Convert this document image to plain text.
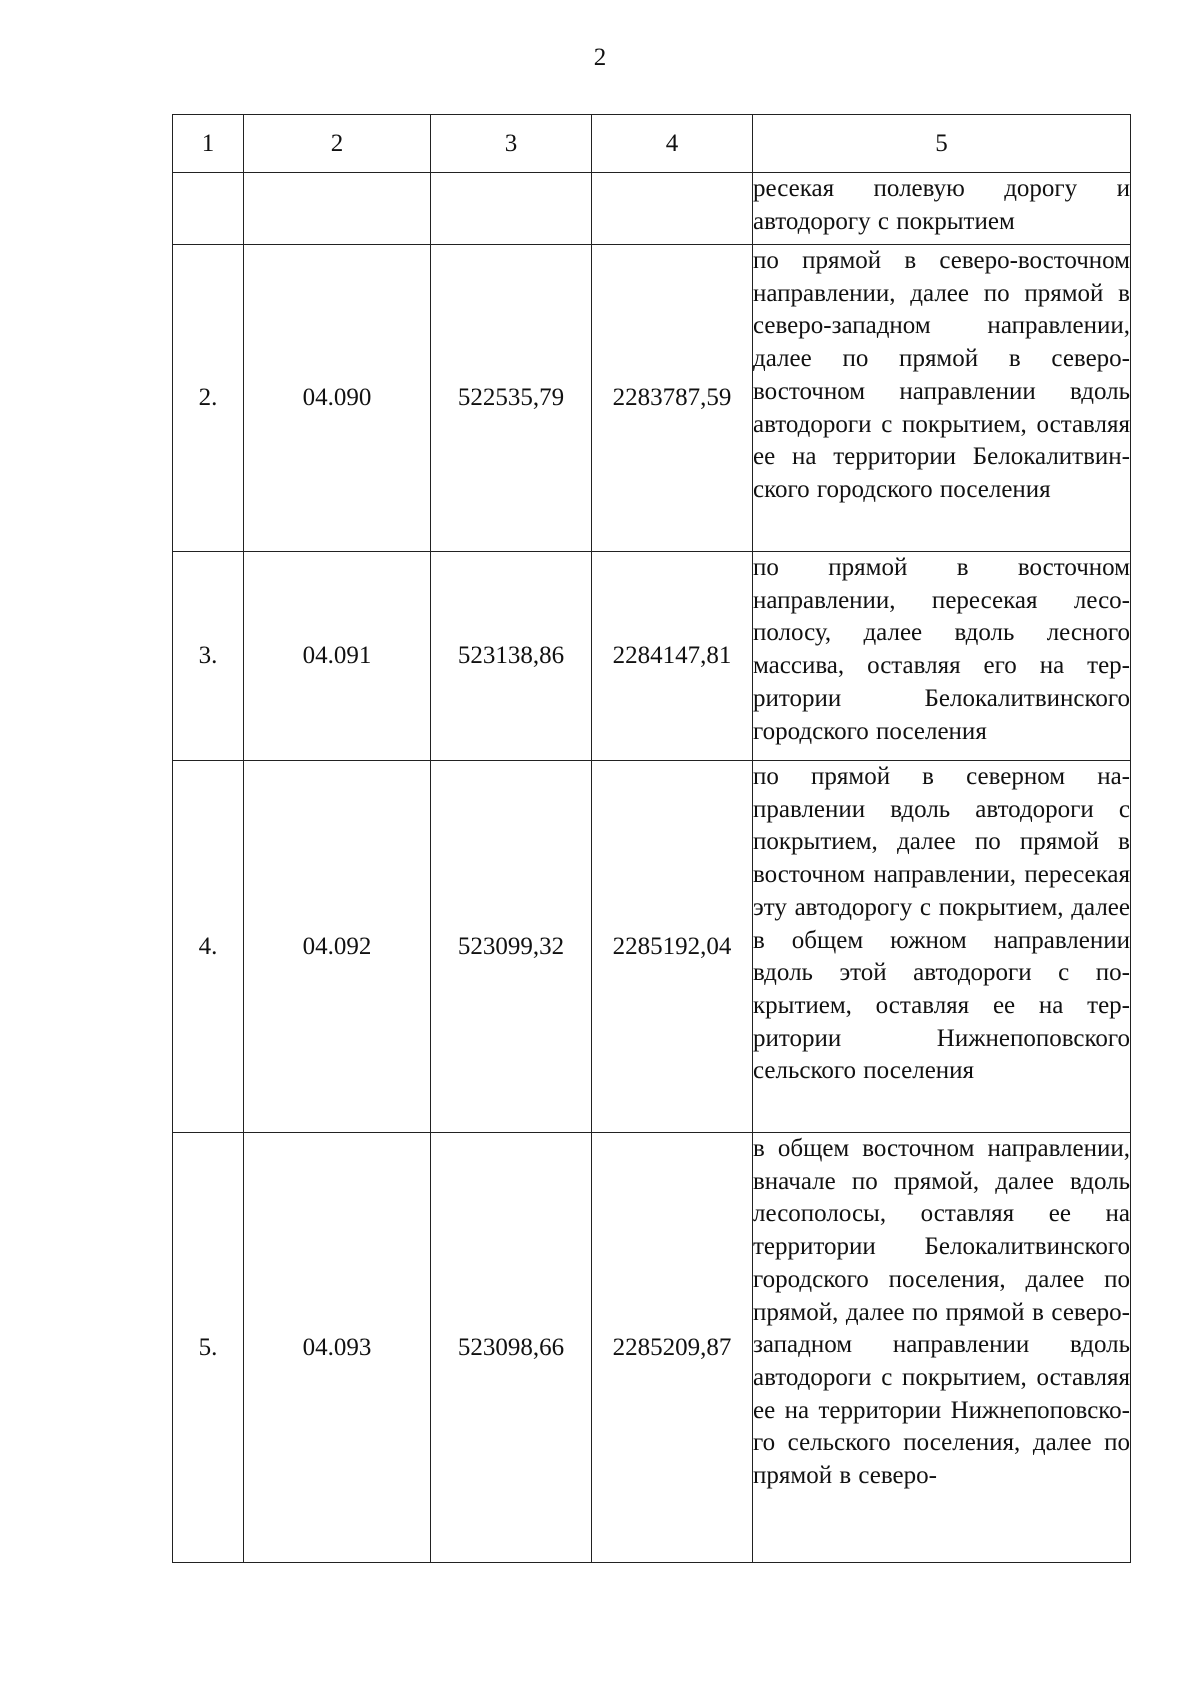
2
1	2	3	4	5
				ресекая полевую дорогу и автодорогу с покрытием
2.	04.090	522535,79	2283787,59	по прямой в северо-восточном направлении, далее по прямой в северо-западном направлении, далее по прямой в северо-восточном направлении вдоль автодороги с покрытием, оставляя ее на территории Белокалитвинского городского поселения
3.	04.091	523138,86	2284147,81	по прямой в восточном направлении, пересекая лесополосу, далее вдоль лесного массива, оставляя его на территории Белокалитвинского городского поселения
4.	04.092	523099,32	2285192,04	по прямой в северном направлении вдоль автодороги с покрытием, далее по прямой в восточном направлении, пересекая эту автодорогу с покрытием, далее в общем южном направлении вдоль этой автодороги с покрытием, оставляя ее на территории Нижнепоповского сельского поселения
5.	04.093	523098,66	2285209,87	в общем восточном направлении, вначале по прямой, далее вдоль лесополосы, оставляя ее на территории Белокалитвинского городского поселения, далее по прямой, далее по прямой в северо-западном направлении вдоль автодороги с покрытием, оставляя ее на территории Нижнепоповского сельского поселения, далее по прямой в северо-
